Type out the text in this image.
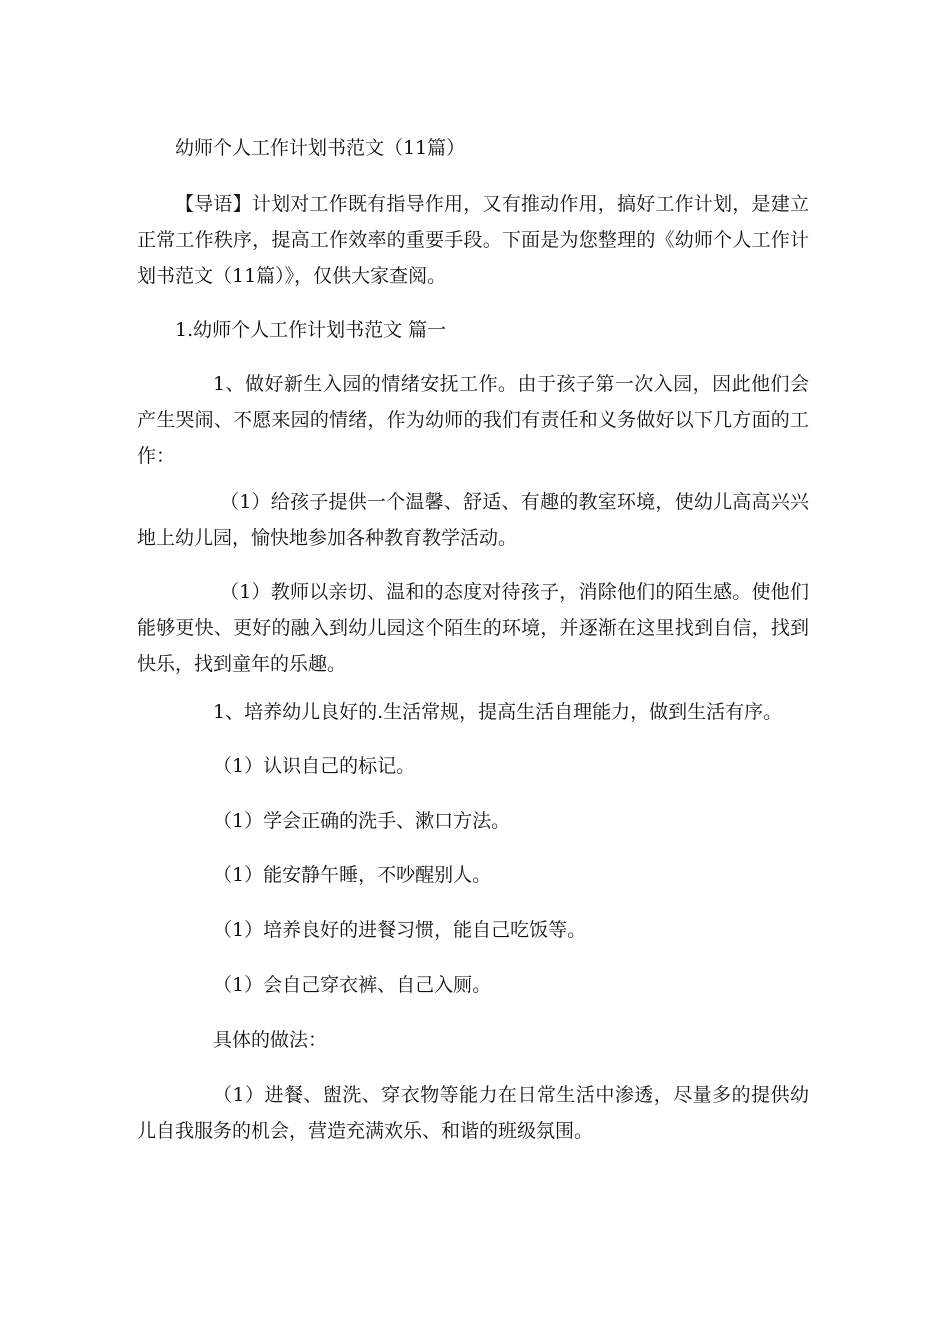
幼师个人工作计划书范文（11篇）

【导语】计划对工作既有指导作用，又有推动作用，搞好工作计划，是建立正常工作秩序，提高工作效率的重要手段。下面是为您整理的《幼师个人工作计划书范文（11篇）》，仅供大家查阅。

1.幼师个人工作计划书范文 篇一

1、做好新生入园的情绪安抚工作。由于孩子第一次入园，因此他们会产生哭闹、不愿来园的情绪，作为幼师的我们有责任和义务做好以下几方面的工作：

（1）给孩子提供一个温馨、舒适、有趣的教室环境，使幼儿高高兴兴地上幼儿园，愉快地参加各种教育教学活动。

（1）教师以亲切、温和的态度对待孩子，消除他们的陌生感。使他们能够更快、更好的融入到幼儿园这个陌生的环境，并逐渐在这里找到自信，找到快乐，找到童年的乐趣。

1、培养幼儿良好的.生活常规，提高生活自理能力，做到生活有序。

（1）认识自己的标记。

（1）学会正确的洗手、漱口方法。

（1）能安静午睡，不吵醒别人。

（1）培养良好的进餐习惯，能自己吃饭等。

（1）会自己穿衣裤、自己入厕。

具体的做法：

（1）进餐、盥洗、穿衣物等能力在日常生活中渗透，尽量多的提供幼儿自我服务的机会，营造充满欢乐、和谐的班级氛围。
